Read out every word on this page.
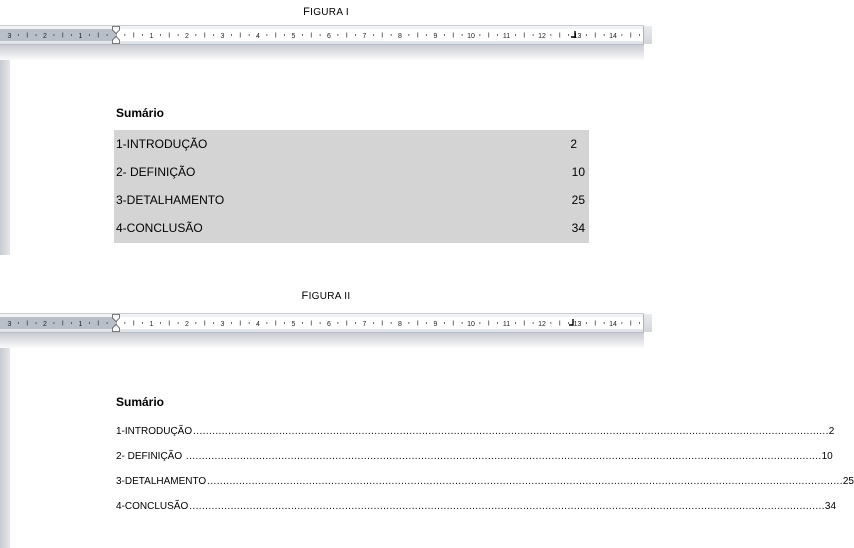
FIGURA I
3	2	1	1	2	3	4	5	6	7	8	9	10	11	12	13	14
Sumário
1-INTRODUÇÃO	2
2- DEFINIÇÃO	10
3-DETALHAMENTO	25
4-CONCLUSÃO	34
FIGURA II
3	2	1	1	2	3	4	5	6	7	8	9	10	11	12	13	14
Sumário
1-INTRODUÇÃO ........................................................................................................................................................................................................ 2
2- DEFINIÇÃO ........................................................................................................................................................................................................ 10
3-DETALHAMENTO ........................................................................................................................................................................................................ 25
4-CONCLUSÃO ........................................................................................................................................................................................................ 34
